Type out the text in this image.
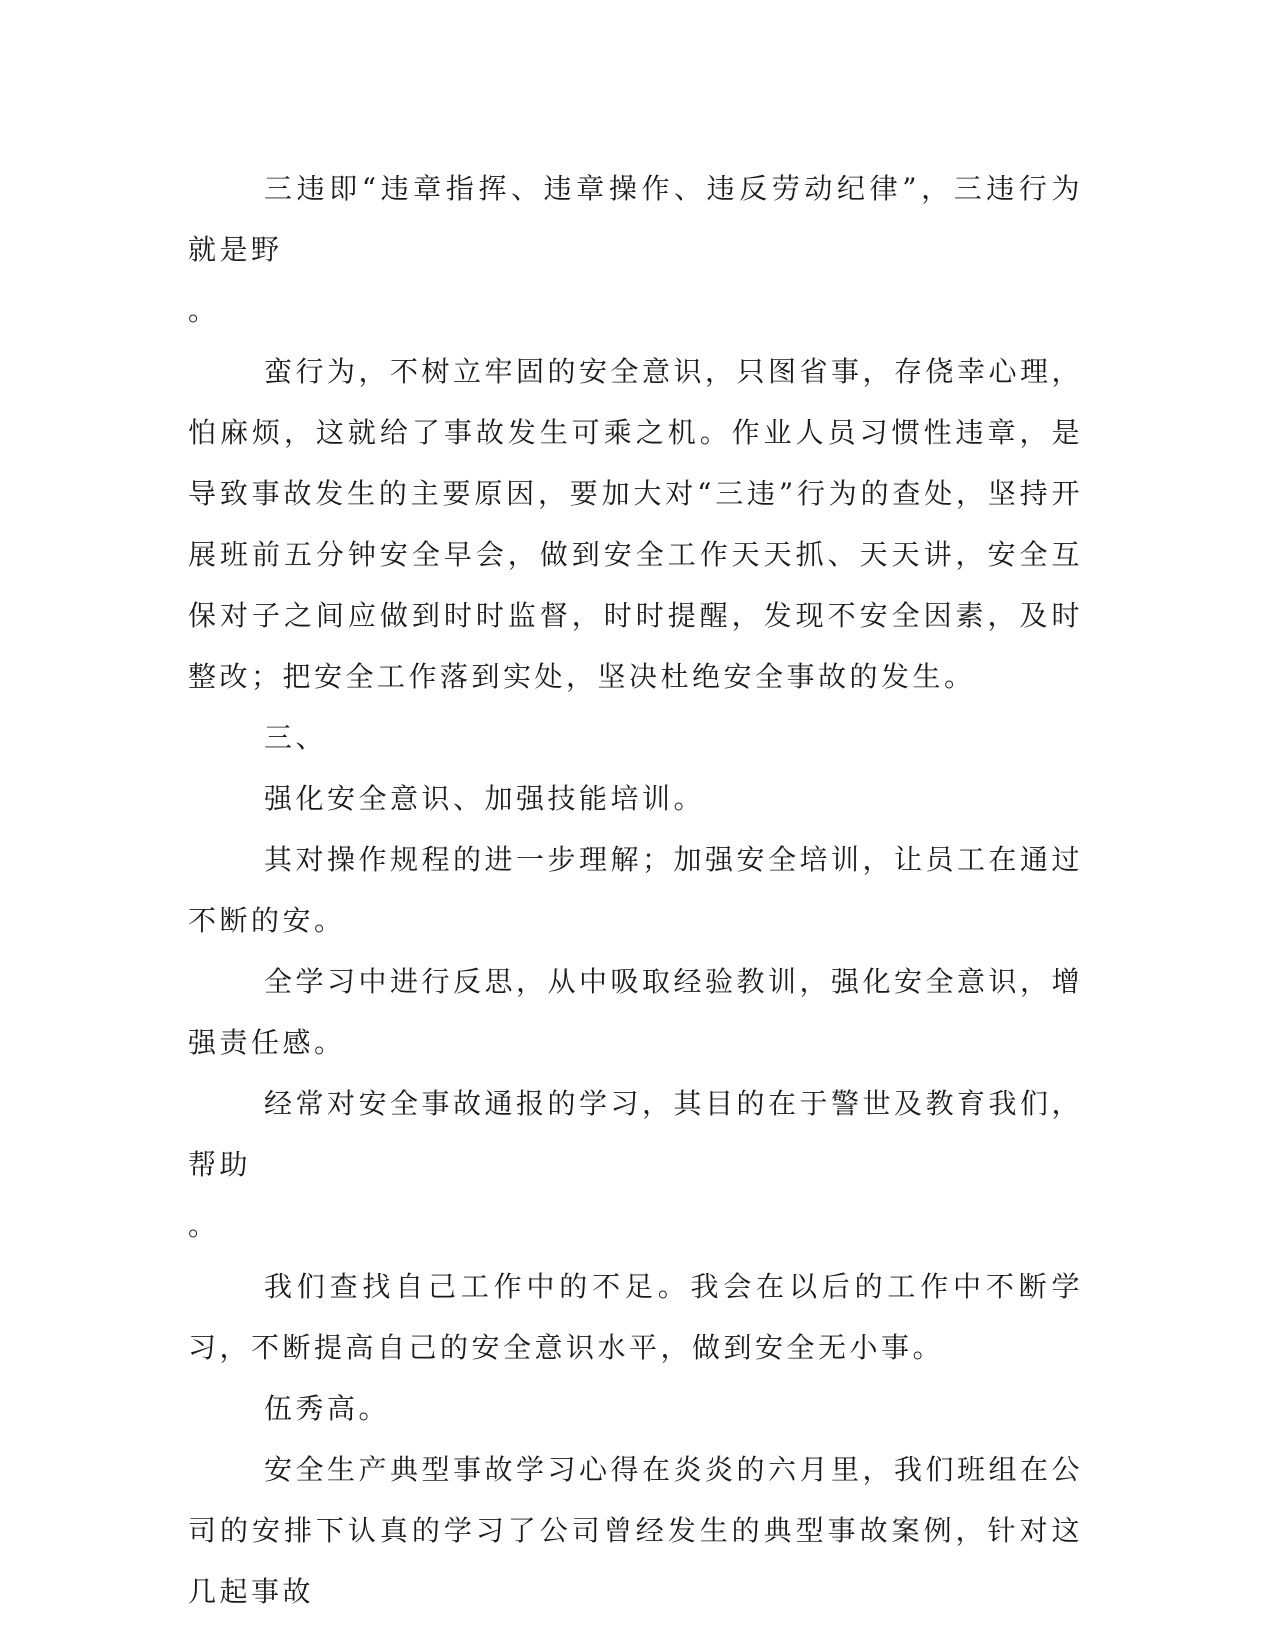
三违即“违章指挥、违章操作、违反劳动纪律”，三违行为就是野

。

蛮行为，不树立牢固的安全意识，只图省事，存侥幸心理，怕麻烦，这就给了事故发生可乘之机。作业人员习惯性违章，是导致事故发生的主要原因，要加大对“三违”行为的查处，坚持开展班前五分钟安全早会，做到安全工作天天抓、天天讲，安全互保对子之间应做到时时监督，时时提醒，发现不安全因素，及时整改；把安全工作落到实处，坚决杜绝安全事故的发生。

三、

强化安全意识、加强技能培训。

其对操作规程的进一步理解；加强安全培训，让员工在通过不断的安。

全学习中进行反思，从中吸取经验教训，强化安全意识，增强责任感。

经常对安全事故通报的学习，其目的在于警世及教育我们，帮助

。

我们查找自己工作中的不足。我会在以后的工作中不断学习，不断提高自己的安全意识水平，做到安全无小事。

伍秀高。

安全生产典型事故学习心得在炎炎的六月里，我们班组在公司的安排下认真的学习了公司曾经发生的典型事故案例，针对这几起事故
